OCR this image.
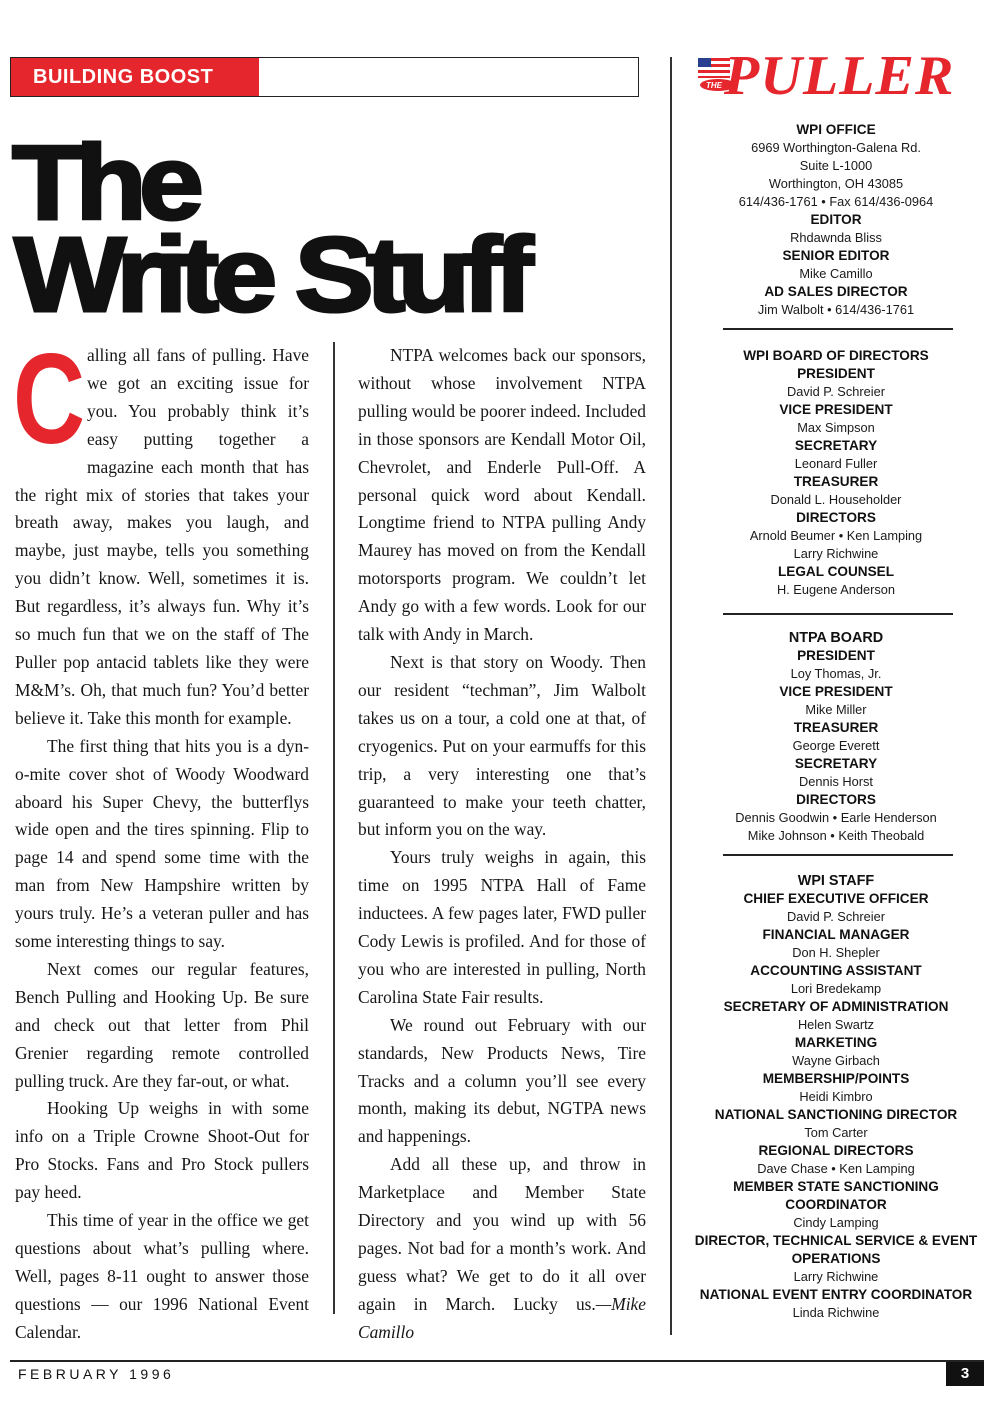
BUILDING BOOST
The
Write Stuff

Calling all fans of pulling. Have we got an exciting issue for you. You probably think it’s easy putting together a magazine each month that has the right mix of stories that takes your breath away, makes you laugh, and maybe, just maybe, tells you something you didn’t know. Well, sometimes it is. But regardless, it’s always fun. Why it’s so much fun that we on the staff of The Puller pop antacid tablets like they were M&M’s. Oh, that much fun? You’d better believe it. Take this month for example.

The first thing that hits you is a dyn-o-mite cover shot of Woody Woodward aboard his Super Chevy, the butterflys wide open and the tires spinning. Flip to page 14 and spend some time with the man from New Hampshire written by yours truly. He’s a veteran puller and has some interesting things to say.

Next comes our regular features, Bench Pulling and Hooking Up. Be sure and check out that letter from Phil Grenier regarding remote controlled pulling truck. Are they far-out, or what.

Hooking Up weighs in with some info on a Triple Crowne Shoot-Out for Pro Stocks. Fans and Pro Stock pullers pay heed.

This time of year in the office we get questions about what’s pulling where. Well, pages 8-11 ought to answer those questions — our 1996 National Event Calendar.

NTPA welcomes back our sponsors, without whose involvement NTPA pulling would be poorer indeed. Included in those sponsors are Kendall Motor Oil, Chevrolet, and Enderle Pull-Off. A personal quick word about Kendall. Longtime friend to NTPA pulling Andy Maurey has moved on from the Kendall motorsports program. We couldn’t let Andy go with a few words. Look for our talk with Andy in March.

Next is that story on Woody. Then our resident “techman”, Jim Walbolt takes us on a tour, a cold one at that, of cryogenics. Put on your earmuffs for this trip, a very interesting one that’s guaranteed to make your teeth chatter, but inform you on the way.

Yours truly weighs in again, this time on 1995 NTPA Hall of Fame inductees. A few pages later, FWD puller Cody Lewis is profiled. And for those of you who are interested in pulling, North Carolina State Fair results.

We round out February with our standards, New Products News, Tire Tracks and a column you’ll see every month, making its debut, NGTPA news and happenings.

Add all these up, and throw in Marketplace and Member State Directory and you wind up with 56 pages. Not bad for a month’s work. And guess what? We get to do it all over again in March. Lucky us.—Mike Camillo

THE PULLER
WPI OFFICE
6969 Worthington-Galena Rd.
Suite L-1000
Worthington, OH 43085
614/436-1761 • Fax 614/436-0964
EDITOR
Rhdawnda Bliss
SENIOR EDITOR
Mike Camillo
AD SALES DIRECTOR
Jim Walbolt • 614/436-1761
WPI BOARD OF DIRECTORS
PRESIDENT
David P. Schreier
VICE PRESIDENT
Max Simpson
SECRETARY
Leonard Fuller
TREASURER
Donald L. Householder
DIRECTORS
Arnold Beumer • Ken Lamping
Larry Richwine
LEGAL COUNSEL
H. Eugene Anderson
NTPA BOARD
PRESIDENT
Loy Thomas, Jr.
VICE PRESIDENT
Mike Miller
TREASURER
George Everett
SECRETARY
Dennis Horst
DIRECTORS
Dennis Goodwin • Earle Henderson
Mike Johnson • Keith Theobald
WPI STAFF
CHIEF EXECUTIVE OFFICER
David P. Schreier
FINANCIAL MANAGER
Don H. Shepler
ACCOUNTING ASSISTANT
Lori Bredekamp
SECRETARY OF ADMINISTRATION
Helen Swartz
MARKETING
Wayne Girbach
MEMBERSHIP/POINTS
Heidi Kimbro
NATIONAL SANCTIONING DIRECTOR
Tom Carter
REGIONAL DIRECTORS
Dave Chase • Ken Lamping
MEMBER STATE SANCTIONING
COORDINATOR
Cindy Lamping
DIRECTOR, TECHNICAL SERVICE & EVENT
OPERATIONS
Larry Richwine
NATIONAL EVENT ENTRY COORDINATOR
Linda Richwine
FEBRUARY 1996	3
